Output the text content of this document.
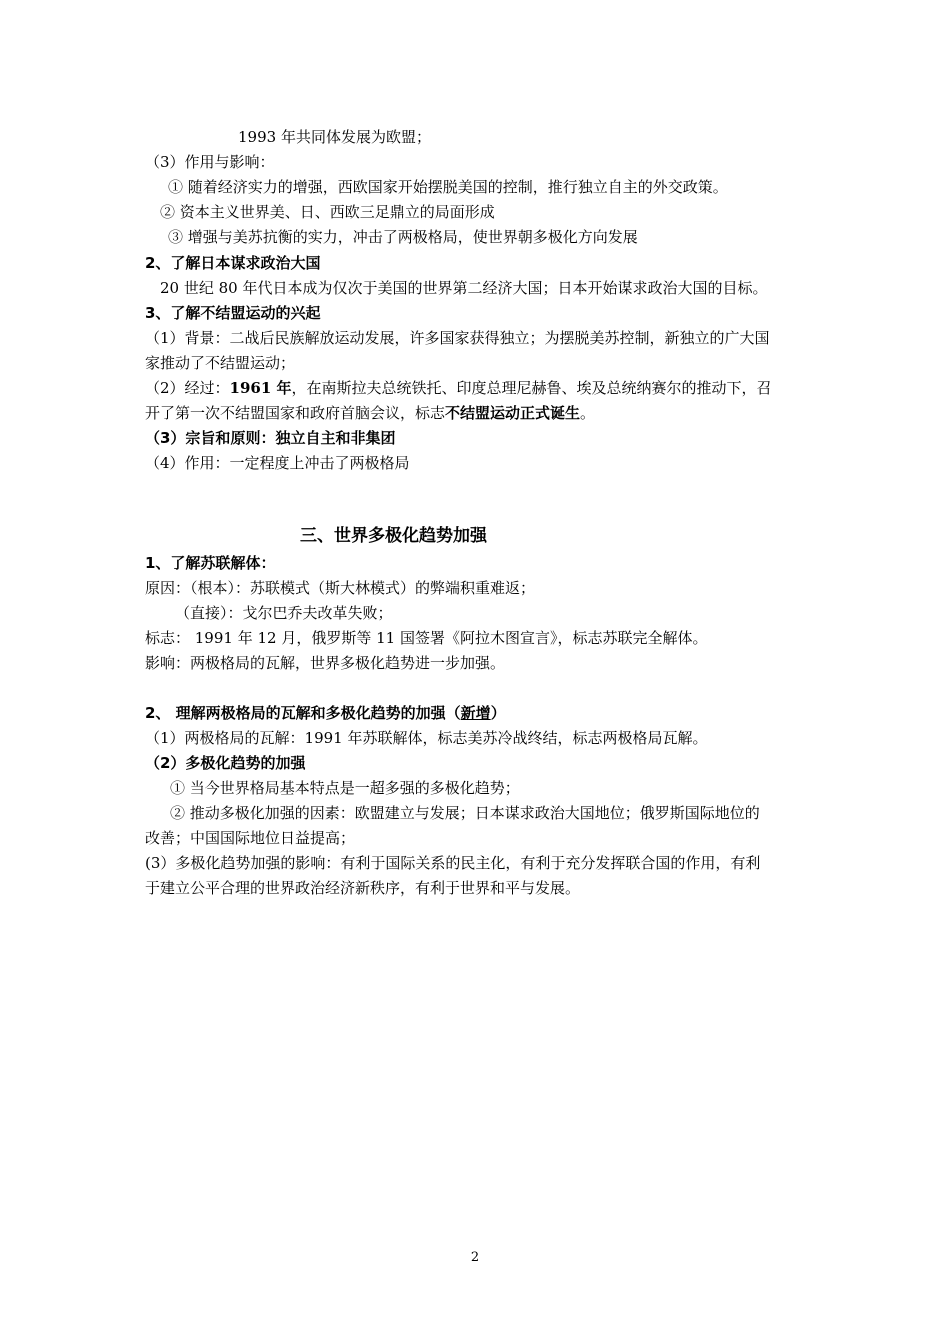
1993 年共同体发展为欧盟；
（3）作用与影响：
① 随着经济实力的增强，西欧国家开始摆脱美国的控制，推行独立自主的外交政策。
② 资本主义世界美、日、西欧三足鼎立的局面形成
③ 增强与美苏抗衡的实力，冲击了两极格局，使世界朝多极化方向发展
2、了解日本谋求政治大国
20 世纪 80 年代日本成为仅次于美国的世界第二经济大国；日本开始谋求政治大国的目标。
3、了解不结盟运动的兴起
（1）背景：二战后民族解放运动发展，许多国家获得独立；为摆脱美苏控制，新独立的广大国
家推动了不结盟运动；
（2）经过：1961 年，在南斯拉夫总统铁托、印度总理尼赫鲁、埃及总统纳赛尔的推动下，召
开了第一次不结盟国家和政府首脑会议，标志不结盟运动正式诞生。
（3）宗旨和原则：独立自主和非集团
（4）作用：一定程度上冲击了两极格局
三、世界多极化趋势加强
1、了解苏联解体：
原因：（根本）：苏联模式（斯大林模式）的弊端积重难返；
（直接）：戈尔巴乔夫改革失败；
标志： 1991 年 12 月，俄罗斯等 11 国签署《阿拉木图宣言》，标志苏联完全解体。
影响：两极格局的瓦解，世界多极化趋势进一步加强。
2、 理解两极格局的瓦解和多极化趋势的加强（新增）
（1）两极格局的瓦解：1991 年苏联解体，标志美苏冷战终结，标志两极格局瓦解。
（2）多极化趋势的加强
① 当今世界格局基本特点是一超多强的多极化趋势；
② 推动多极化加强的因素：欧盟建立与发展；日本谋求政治大国地位；俄罗斯国际地位的
改善；中国国际地位日益提高；
(3）多极化趋势加强的影响：有利于国际关系的民主化，有利于充分发挥联合国的作用，有利
于建立公平合理的世界政治经济新秩序，有利于世界和平与发展。
2
